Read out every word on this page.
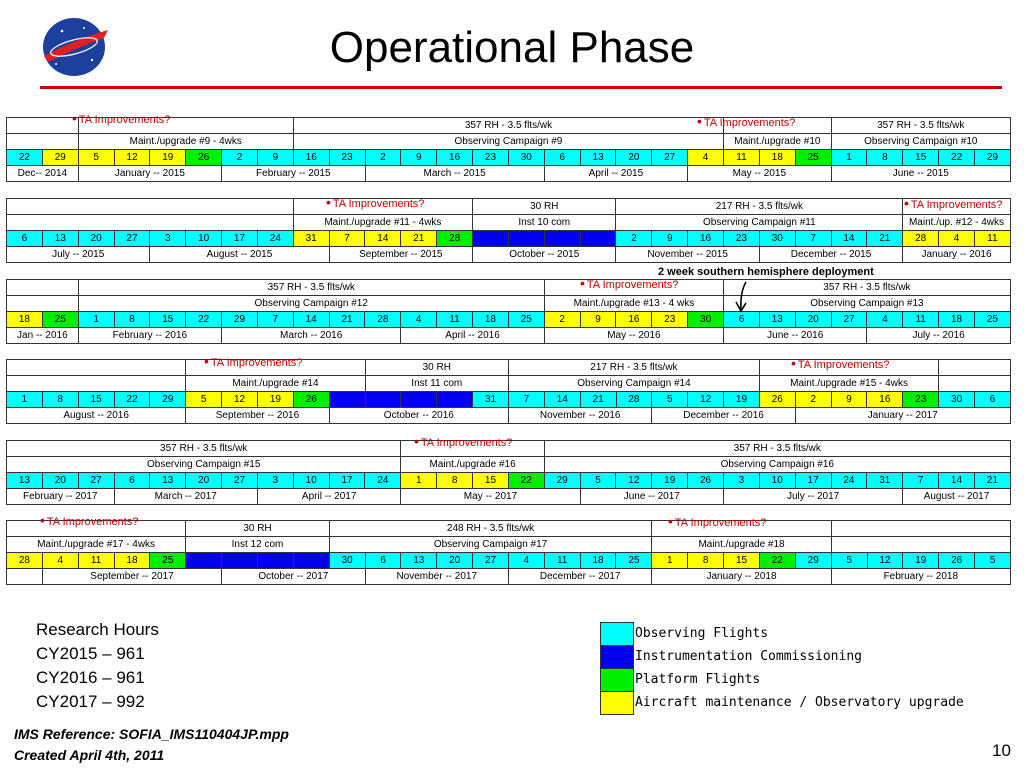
Operational Phase
								357 RH - 3.5 flts/wk															357 RH - 3.5 flts/wk				
		Maint./upgrade #9 - 4wks						Observing Campaign #9												Maint./upgrade #10			Observing Campaign #10				
22	29	5	12	19	26	2	9	16	23	2	9	16	23	30	6	13	20	27	4	11	18	25	1	8	15	22	29
Dec-- 2014		January -- 2015				February -- 2015				March -- 2015					April -- 2015				May -- 2015				June -- 2015				
• TA Improvements?	• TA Improvements?
													30 RH				217 RH - 3.5 flts/wk										
								Maint./upgrade #11 - 4wks					Inst 10 com				Observing Campaign #11								Maint./up. #12 - 4wks		
6	13	20	27	3	10	17	24	31	7	14	21	28	5	12	19	26	2	9	16	23	30	7	14	21	28	4	11
July -- 2015				August -- 2015					September -- 2015				October -- 2015				November -- 2015				December -- 2015				January -- 2016		
• TA Improvements?	• TA Improvements?
		357 RH - 3.5 flts/wk																		357 RH - 3.5 flts/wk							
		Observing Campaign #12													Maint./upgrade #13 - 4 wks					Observing Campaign #13							
18	25	1	8	15	22	29	7	14	21	28	4	11	18	25	2	9	16	23	30	6	13	20	27	4	11	18	25
Jan -- 2016		February -- 2016				March -- 2016					April -- 2016				May -- 2016					June -- 2016				July -- 2016			
• TA Improvements?
										30 RH				217 RH - 3.5 flts/wk													
					Maint./upgrade #14					Inst 11 com				Observing Campaign #14							Maint./upgrade #15 - 4wks						
1	8	15	22	29	5	12	19	26	3	10	17	24	31	7	14	21	28	5	12	19	26	2	9	16	23	30	6
August -- 2016					September -- 2016				October -- 2016					November -- 2016				December -- 2016				January -- 2017					
• TA Improvements?	• TA Improvements?
357 RH - 3.5 flts/wk															357 RH - 3.5 flts/wk												
Observing Campaign #15											Maint./upgrade #16				Observing Campaign #16												
13	20	27	6	13	20	27	3	10	17	24	1	8	15	22	29	5	12	19	26	3	10	17	24	31	7	14	21
February -- 2017			March -- 2017				April -- 2017				May -- 2017					June -- 2017				July -- 2017					August -- 2017		
• TA Improvements?
					30 RH				248 RH - 3.5 flts/wk																		
Maint./upgrade #17 - 4wks					Inst 12 com				Observing Campaign #17									Maint./upgrade #18									
28	4	11	18	25	2	9	16	23	30	6	13	20	27	4	11	18	25	1	8	15	22	29	5	12	19	26	5
	September -- 2017					October -- 2017				November -- 2017				December -- 2017				January -- 2018					February -- 2018				
• TA Improvements?	• TA Improvements?
2 week southern hemisphere deployment
Research Hours
CY2015 – 961
CY2016 – 961
CY2017 – 992
Observing Flights
Instrumentation Commissioning
Platform Flights
Aircraft maintenance / Observatory upgrade
IMS Reference: SOFIA_IMS110404JP.mpp
Created April 4th, 2011	10
